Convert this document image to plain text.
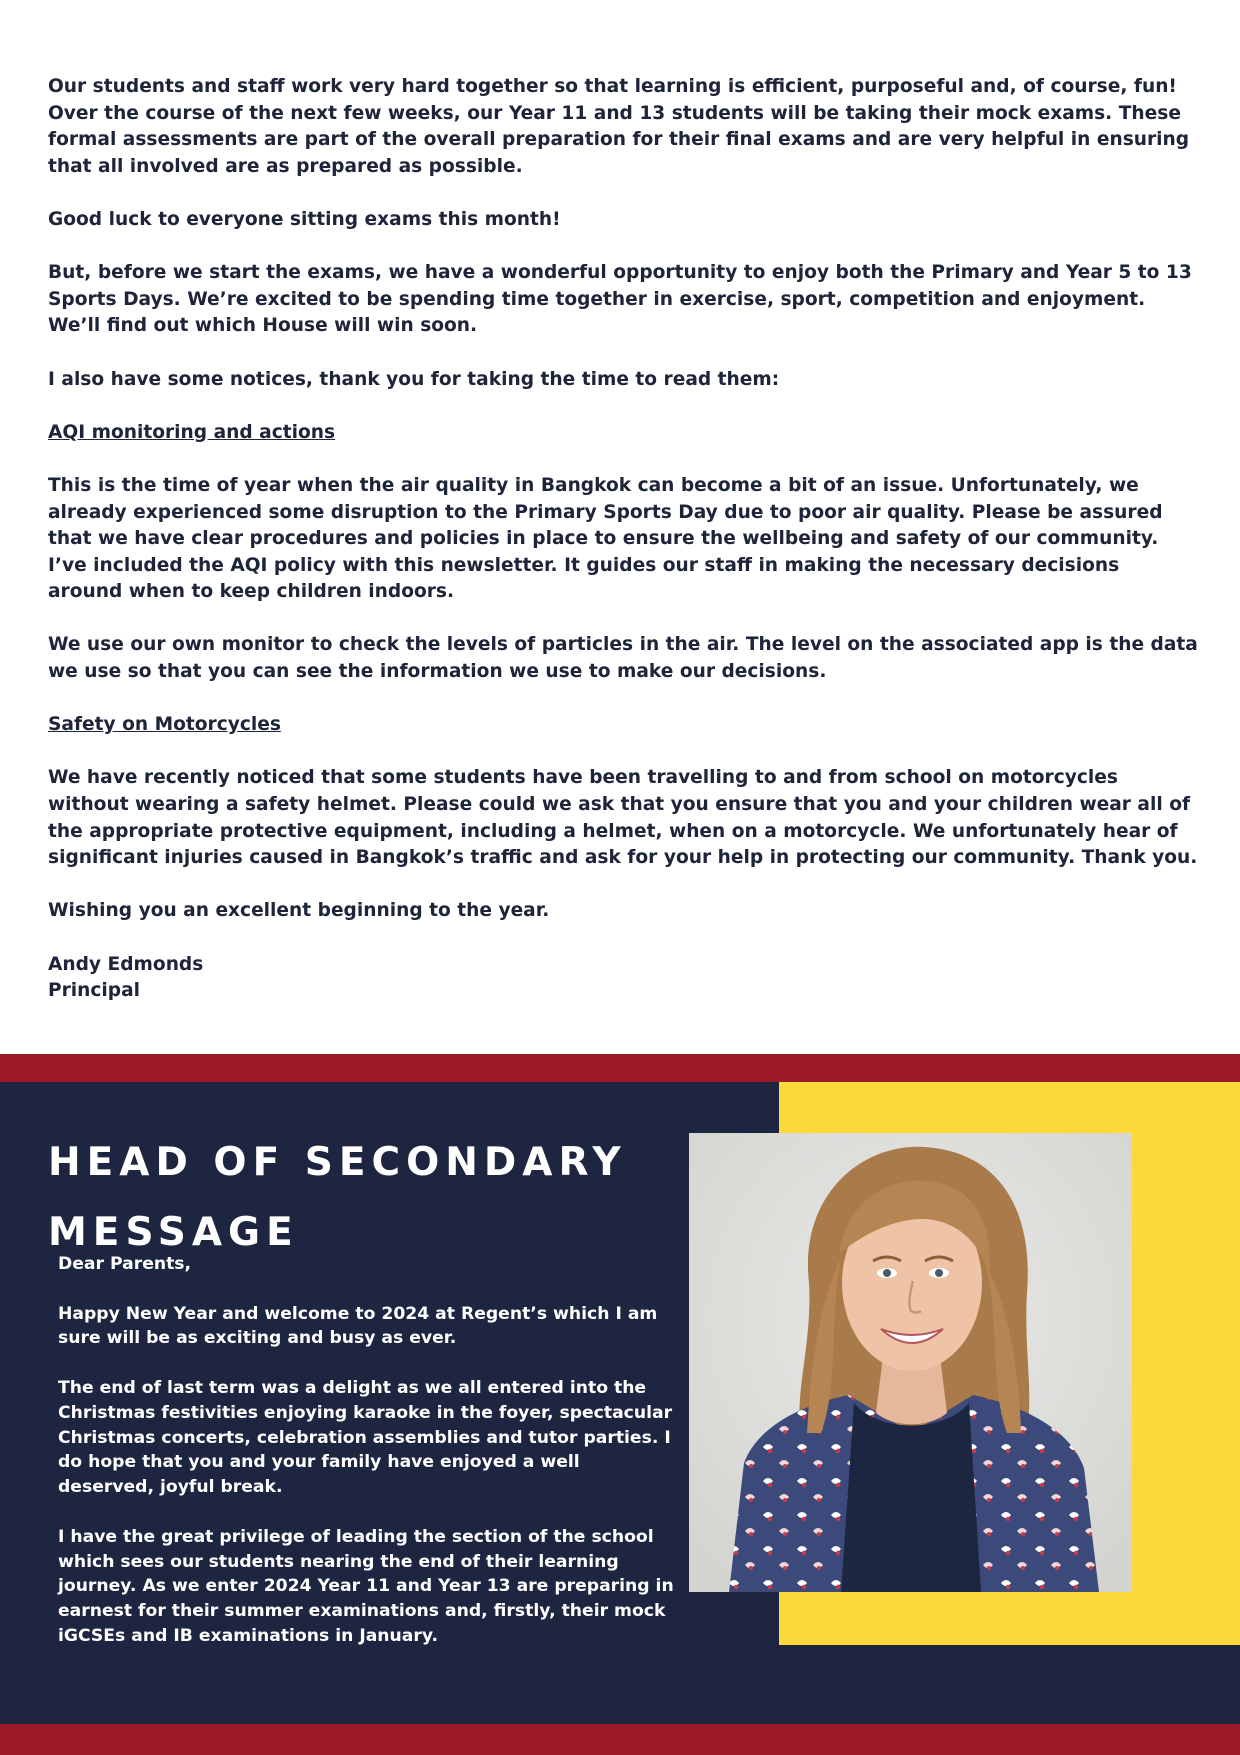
Our students and staff work very hard together so that learning is efficient, purposeful and, of course, fun! Over the course of the next few weeks, our Year 11 and 13 students will be taking their mock exams. These formal assessments are part of the overall preparation for their final exams and are very helpful in ensuring that all involved are as prepared as possible.

Good luck to everyone sitting exams this month!

But, before we start the exams, we have a wonderful opportunity to enjoy both the Primary and Year 5 to 13 Sports Days. We’re excited to be spending time together in exercise, sport, competition and enjoyment. We’ll find out which House will win soon.

I also have some notices, thank you for taking the time to read them:

AQI monitoring and actions

This is the time of year when the air quality in Bangkok can become a bit of an issue. Unfortunately, we already experienced some disruption to the Primary Sports Day due to poor air quality. Please be assured that we have clear procedures and policies in place to ensure the wellbeing and safety of our community. I’ve included the AQI policy with this newsletter. It guides our staff in making the necessary decisions around when to keep children indoors.

We use our own monitor to check the levels of particles in the air. The level on the associated app is the data we use so that you can see the information we use to make our decisions.

Safety on Motorcycles

We have recently noticed that some students have been travelling to and from school on motorcycles without wearing a safety helmet. Please could we ask that you ensure that you and your children wear all of the appropriate protective equipment, including a helmet, when on a motorcycle. We unfortunately hear of significant injuries caused in Bangkok’s traffic and ask for your help in protecting our community. Thank you.

Wishing you an excellent beginning to the year.

Andy Edmonds

Principal

HEAD OF SECONDARY
MESSAGE

Dear Parents,

Happy New Year and welcome to 2024 at Regent’s which I am sure will be as exciting and busy as ever.

The end of last term was a delight as we all entered into the Christmas festivities enjoying karaoke in the foyer, spectacular Christmas concerts, celebration assemblies and tutor parties. I do hope that you and your family have enjoyed a well deserved, joyful break.

I have the great privilege of leading the section of the school which sees our students nearing the end of their learning journey. As we enter 2024 Year 11 and Year 13 are preparing in earnest for their summer examinations and, firstly, their mock iGCSEs and IB examinations in January.
